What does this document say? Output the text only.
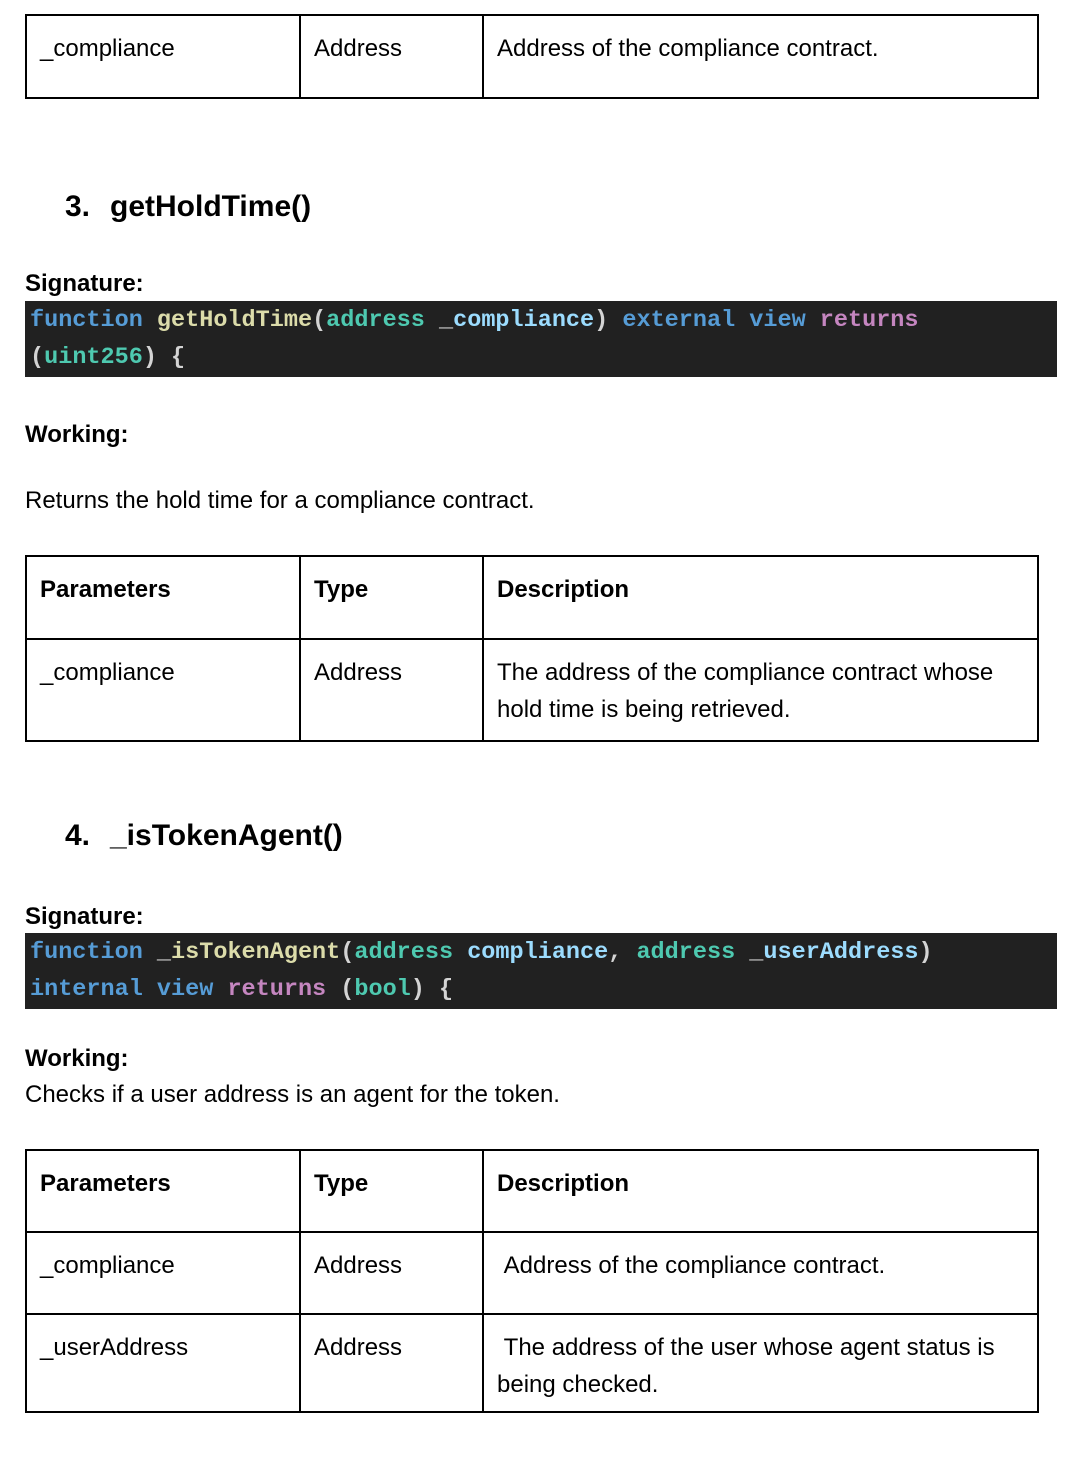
_compliance	Address	Address of the compliance contract.
3. getHoldTime()
Signature:
function getHoldTime(address _compliance) external view returns
(uint256) {
Working:
Returns the hold time for a compliance contract.
Parameters	Type	Description
_compliance	Address	The address of the compliance contract whose hold time is being retrieved.
4. _isTokenAgent()
Signature:
function _isTokenAgent(address compliance, address _userAddress)
internal view returns (bool) {
Working:
Checks if a user address is an agent for the token.
Parameters	Type	Description
_compliance	Address	Address of the compliance contract.
_userAddress	Address	The address of the user whose agent status is being checked.
